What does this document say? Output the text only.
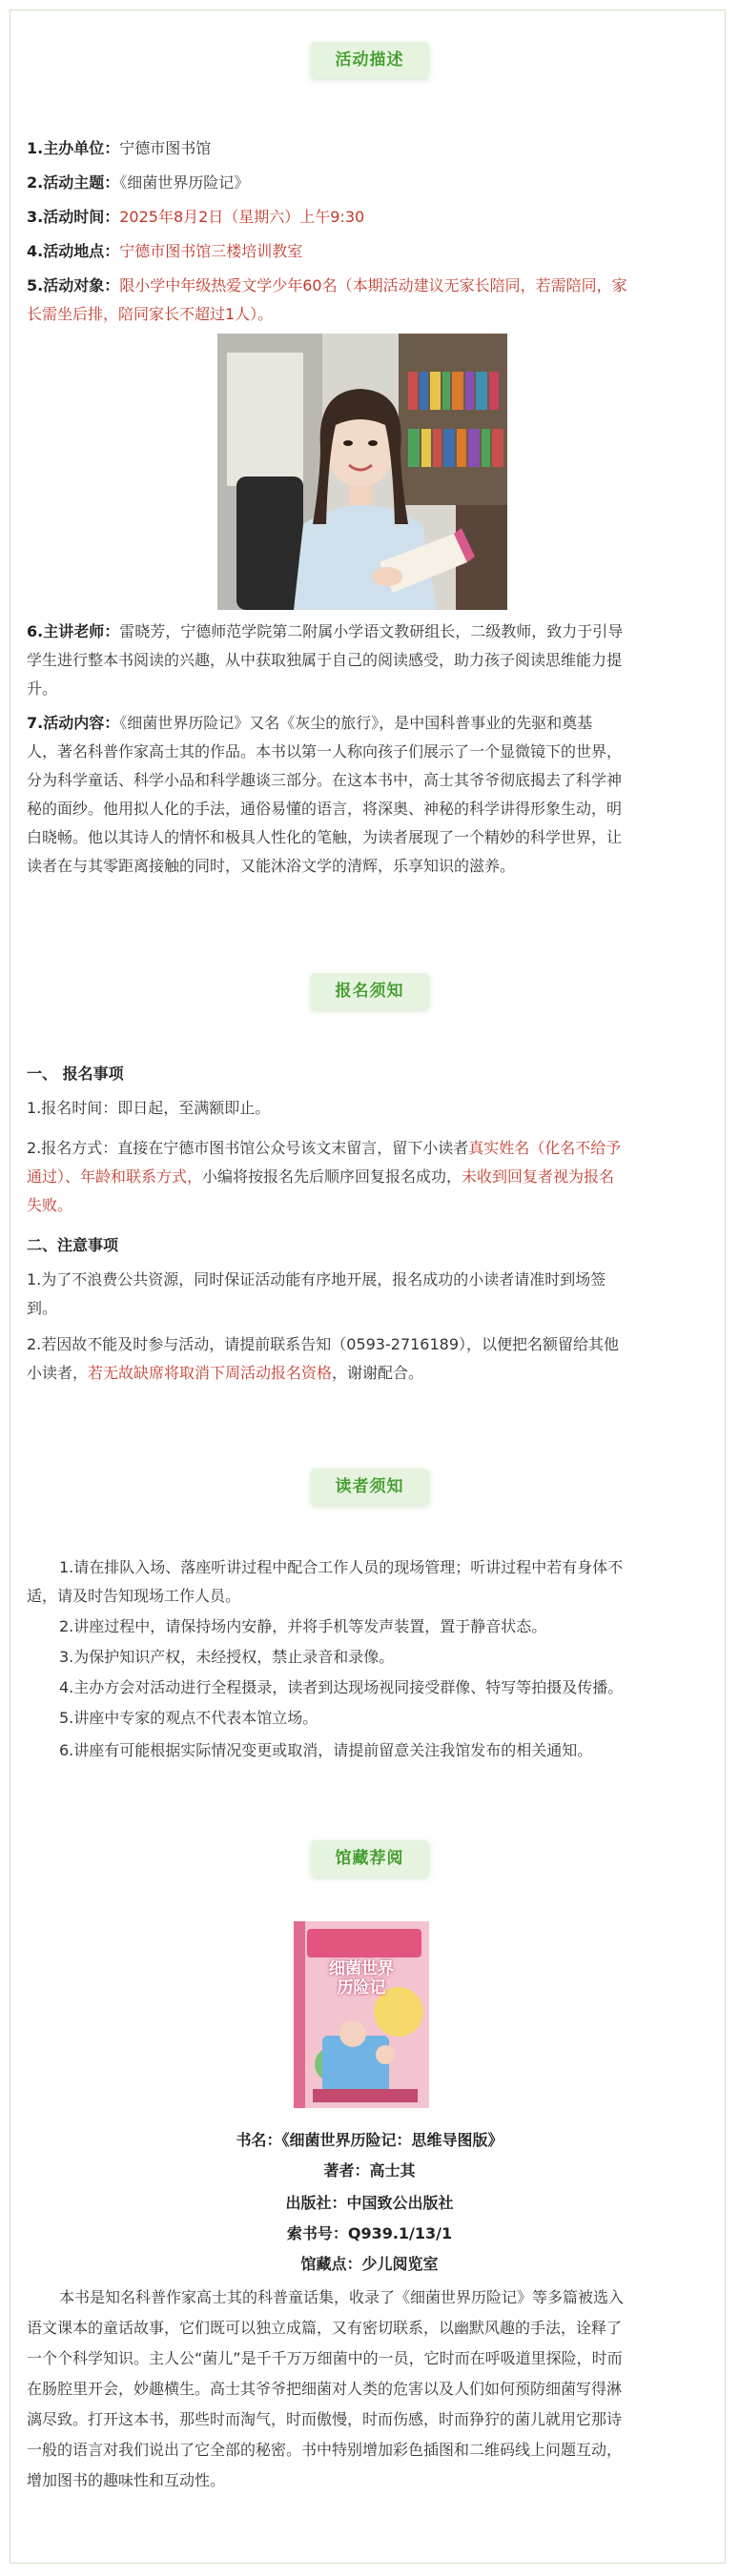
活动描述
1.主办单位：宁德市图书馆
2.活动主题：《细菌世界历险记》
3.活动时间：2025年8月2日（星期六）上午9:30
4.活动地点：宁德市图书馆三楼培训教室
5.活动对象：限小学中年级热爱文学少年60名（本期活动建议无家长陪同，若需陪同，家
长需坐后排，陪同家长不超过1人）。
6.主讲老师：雷晓芳，宁德师范学院第二附属小学语文教研组长，二级教师，致力于引导
学生进行整本书阅读的兴趣，从中获取独属于自己的阅读感受，助力孩子阅读思维能力提
升。
7.活动内容：《细菌世界历险记》又名《灰尘的旅行》，是中国科普事业的先驱和奠基
人，著名科普作家高士其的作品。本书以第一人称向孩子们展示了一个显微镜下的世界，
分为科学童话、科学小品和科学趣谈三部分。在这本书中，高士其爷爷彻底揭去了科学神
秘的面纱。他用拟人化的手法，通俗易懂的语言，将深奥、神秘的科学讲得形象生动，明
白晓畅。他以其诗人的情怀和极具人性化的笔触，为读者展现了一个精妙的科学世界，让
读者在与其零距离接触的同时，又能沐浴文学的清辉，乐享知识的滋养。
报名须知
一、 报名事项
1.报名时间：即日起，至满额即止。
2.报名方式：直接在宁德市图书馆公众号该文末留言，留下小读者真实姓名（化名不给予
通过）、年龄和联系方式，小编将按报名先后顺序回复报名成功，未收到回复者视为报名
失败。
二、注意事项
1.为了不浪费公共资源，同时保证活动能有序地开展，报名成功的小读者请准时到场签
到。
2.若因故不能及时参与活动，请提前联系告知（0593-2716189），以便把名额留给其他
小读者，若无故缺席将取消下周活动报名资格，谢谢配合。
读者须知
1.请在排队入场、落座听讲过程中配合工作人员的现场管理；听讲过程中若有身体不
适，请及时告知现场工作人员。
2.讲座过程中，请保持场内安静，并将手机等发声装置，置于静音状态。
3.为保护知识产权，未经授权，禁止录音和录像。
4.主办方会对活动进行全程摄录，读者到达现场视同接受群像、特写等拍摄及传播。
5.讲座中专家的观点不代表本馆立场。
6.讲座有可能根据实际情况变更或取消，请提前留意关注我馆发布的相关通知。
馆藏荐阅
细菌世界
历险记

书名：《细菌世界历险记：思维导图版》

著者：高士其

出版社：中国致公出版社

索书号：Q939.1/13/1

馆藏点：少儿阅览室

本书是知名科普作家高士其的科普童话集，收录了《细菌世界历险记》等多篇被选入
语文课本的童话故事，它们既可以独立成篇，又有密切联系，以幽默风趣的手法，诠释了
一个个科学知识。主人公“菌儿”是千千万万细菌中的一员，它时而在呼吸道里探险，时而
在肠腔里开会，妙趣横生。高士其爷爷把细菌对人类的危害以及人们如何预防细菌写得淋
漓尽致。打开这本书，那些时而淘气，时而傲慢，时而伤感，时而狰狞的菌儿就用它那诗
一般的语言对我们说出了它全部的秘密。书中特别增加彩色插图和二维码线上问题互动，
增加图书的趣味性和互动性。
